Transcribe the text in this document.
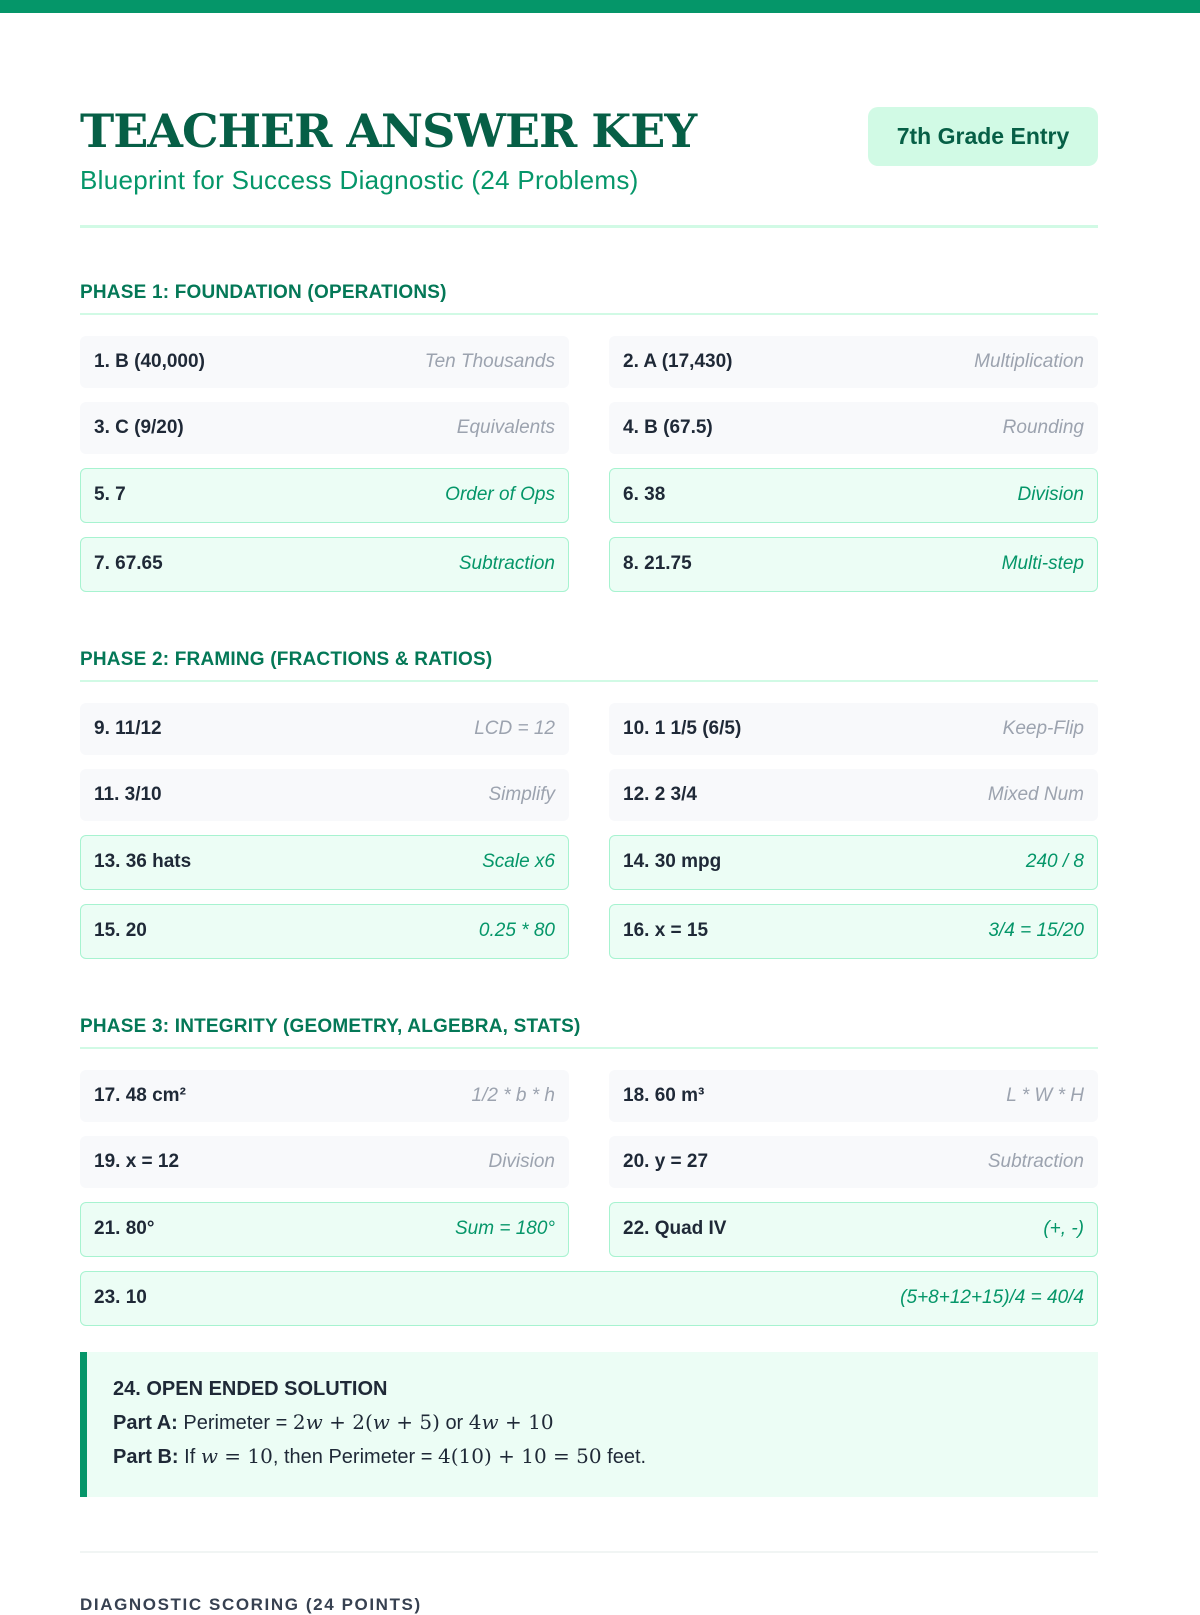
TEACHER ANSWER KEY
Blueprint for Success Diagnostic (24 Problems)
7th Grade Entry
PHASE 1: FOUNDATION (OPERATIONS)
1. B (40,000)	Ten Thousands	2. A (17,430)	Multiplication
3. C (9/20)	Equivalents	4. B (67.5)	Rounding
5. 7	Order of Ops	6. 38	Division
7. 67.65	Subtraction	8. 21.75	Multi-step
PHASE 2: FRAMING (FRACTIONS & RATIOS)
9. 11/12	LCD = 12	10. 1 1/5 (6/5)	Keep-Flip
11. 3/10	Simplify	12. 2 3/4	Mixed Num
13. 36 hats	Scale x6	14. 30 mpg	240 / 8
15. 20	0.25 * 80	16. x = 15	3/4 = 15/20
PHASE 3: INTEGRITY (GEOMETRY, ALGEBRA, STATS)
17. 48 cm²	1/2 * b * h	18. 60 m³	L * W * H
19. x = 12	Division	20. y = 27	Subtraction
21. 80°	Sum = 180°	22. Quad IV	(+, -)
23. 10	(5+8+12+15)/4 = 40/4
24. OPEN ENDED SOLUTION
Part A: Perimeter = 2w + 2(w + 5) or 4w + 10
Part B: If w = 10, then Perimeter = 4(10) + 10 = 50 feet.
DIAGNOSTIC SCORING (24 POINTS)
